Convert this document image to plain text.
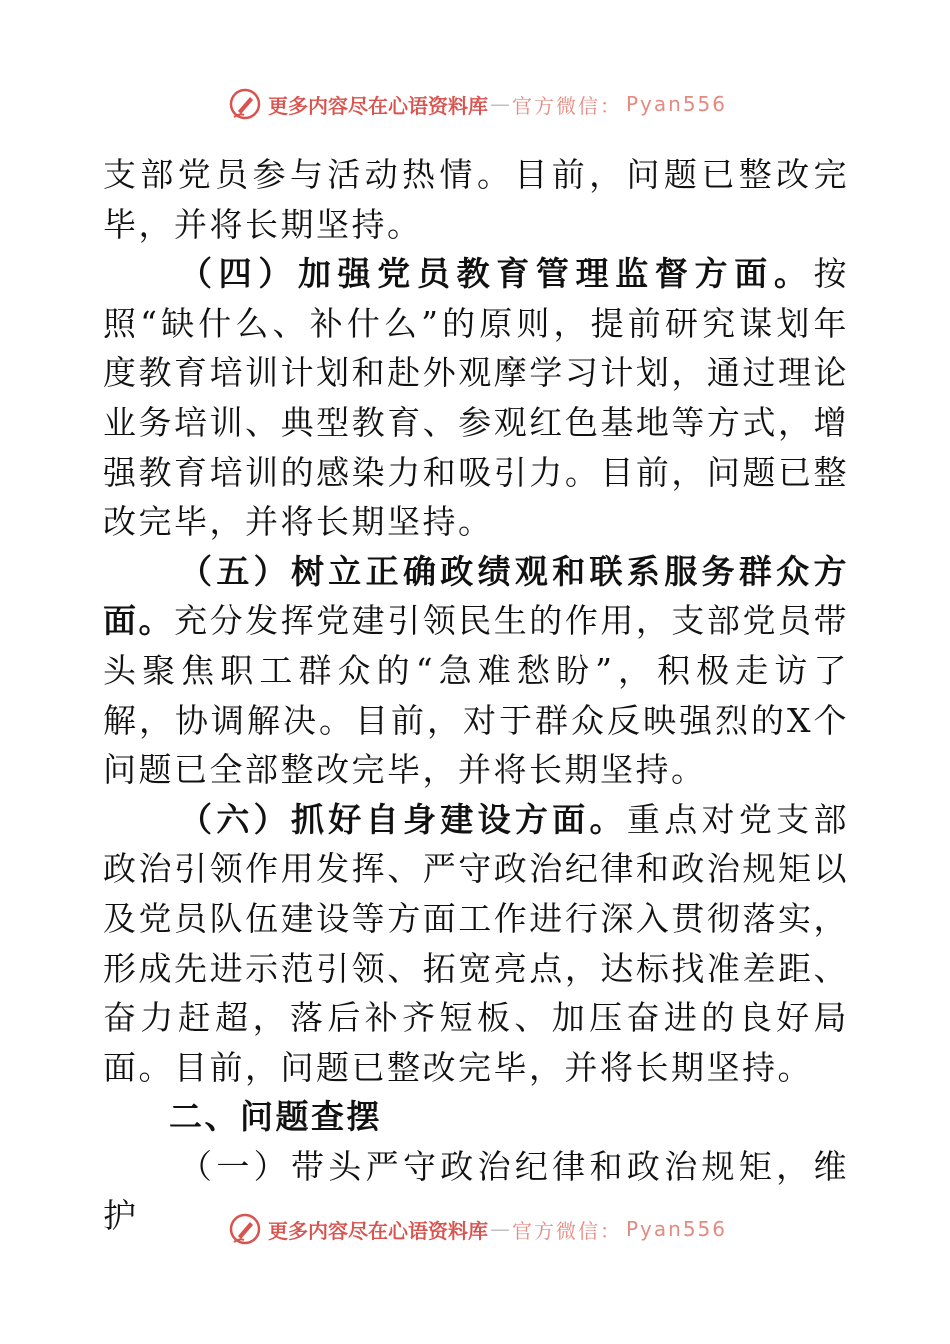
更多内容尽在心语资料库 — 官方微信 ： Pyan556

支部党员参与活动热情。目前，问题已整改完毕，并将长期坚持。

（四）加强党员教育管理监督方面。按照“缺什么、补什么”的原则，提前研究谋划年度教育培训计划和赴外观摩学习计划，通过理论业务培训、典型教育、参观红色基地等方式，增强教育培训的感染力和吸引力。目前，问题已整改完毕，并将长期坚持。

（五）树立正确政绩观和联系服务群众方面。充分发挥党建引领民生的作用，支部党员带头聚焦职工群众的“急难愁盼”，积极走访了解，协调解决。目前，对于群众反映强烈的X个问题已全部整改完毕，并将长期坚持。

（六）抓好自身建设方面。重点对党支部政治引领作用发挥、严守政治纪律和政治规矩以及党员队伍建设等方面工作进行深入贯彻落实，形成先进示范引领、拓宽亮点，达标找准差距、奋力赶超，落后补齐短板、加压奋进的良好局面。目前，问题已整改完毕，并将长期坚持。

二、问题查摆

（一）带头严守政治纪律和政治规矩，维护	更多内容尽在心语资料库 — 官方微信 ： Pyan556
